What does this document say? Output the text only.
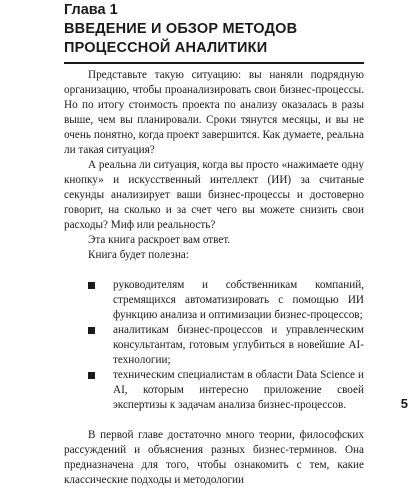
Глава 1
ВВЕДЕНИЕ И ОБЗОР МЕТОДОВ
ПРОЦЕССНОЙ АНАЛИТИКИ

Представьте такую ситуацию: вы наняли подрядную организацию, чтобы проанализировать свои бизнес-процессы. Но по итогу стоимость проекта по анализу оказалась в разы выше, чем вы планировали. Сроки тянутся месяцы, и вы не очень понятно, когда проект завершится. Как думаете, реальна ли такая ситуация?

А реальна ли ситуация, когда вы просто «нажимаете одну кнопку» и искусственный интеллект (ИИ) за считаные секунды анализирует ваши бизнес-процессы и достоверно говорит, на сколько и за счет чего вы можете снизить свои расходы? Миф или реальность?

Эта книга раскроет вам ответ.

Книга будет полезна:

руководителям и собственникам компаний, стремящихся автоматизировать с помощью ИИ функцию анализа и оптимизации бизнес-процессов;
аналитикам бизнес-процессов и управленческим консультантам, готовым углубиться в новейшие AI-технологии;
техническим специалистам в области Data Science и AI, которым интересно приложение своей экспертизы к задачам анализа бизнес-процессов.

В первой главе достаточно много теории, философских рассуждений и объяснения разных бизнес-терминов. Она предназначена для того, чтобы ознакомить с тем, какие классические подходы и методологии

5
